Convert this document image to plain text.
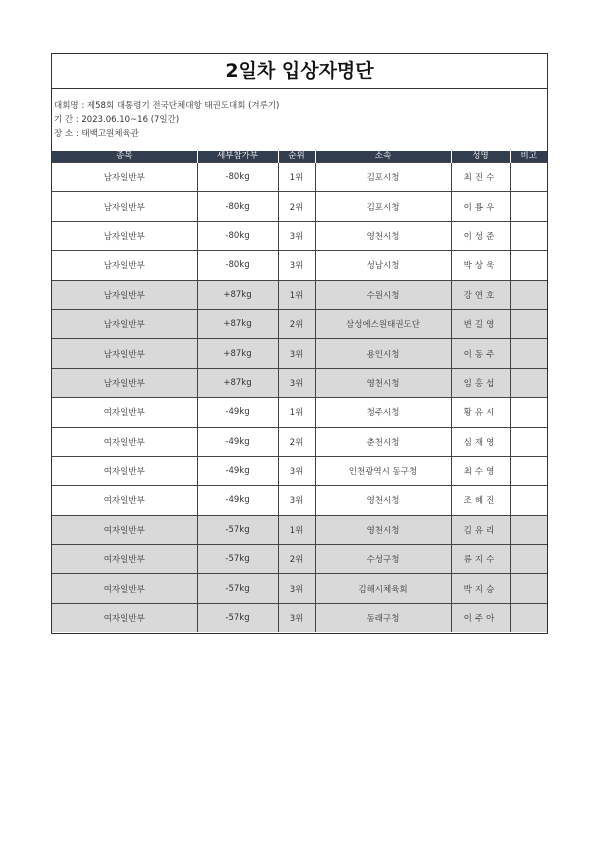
2일차 입상자명단
대회명 : 제58회 대통령기 전국단체대항 태권도대회 (겨루기)
기 간 : 2023.06.10~16 (7일간)
장 소 : 태백고원체육관
종목	세부참가부	순위	소속	성명	비고
남자일반부	-80kg	1위	김포시청	최진수	
남자일반부	-80kg	2위	김포시청	이룡우	
남자일반부	-80kg	3위	영천시청	이성준	
남자일반부	-80kg	3위	성남시청	박상욱	
남자일반부	+87kg	1위	수원시청	강연호	
남자일반부	+87kg	2위	삼성에스원태권도단	변길영	
남자일반부	+87kg	3위	용인시청	이동주	
남자일반부	+87kg	3위	영천시청	임홍섭	
여자일반부	-49kg	1위	청주시청	황유시	
여자일반부	-49kg	2위	춘천시청	심재영	
여자일반부	-49kg	3위	인천광역시 동구청	최수영	
여자일반부	-49kg	3위	영천시청	조혜진	
여자일반부	-57kg	1위	영천시청	김유리	
여자일반부	-57kg	2위	수성구청	류지수	
여자일반부	-57kg	3위	김해시체육회	박지승	
여자일반부	-57kg	3위	동래구청	이주아	
